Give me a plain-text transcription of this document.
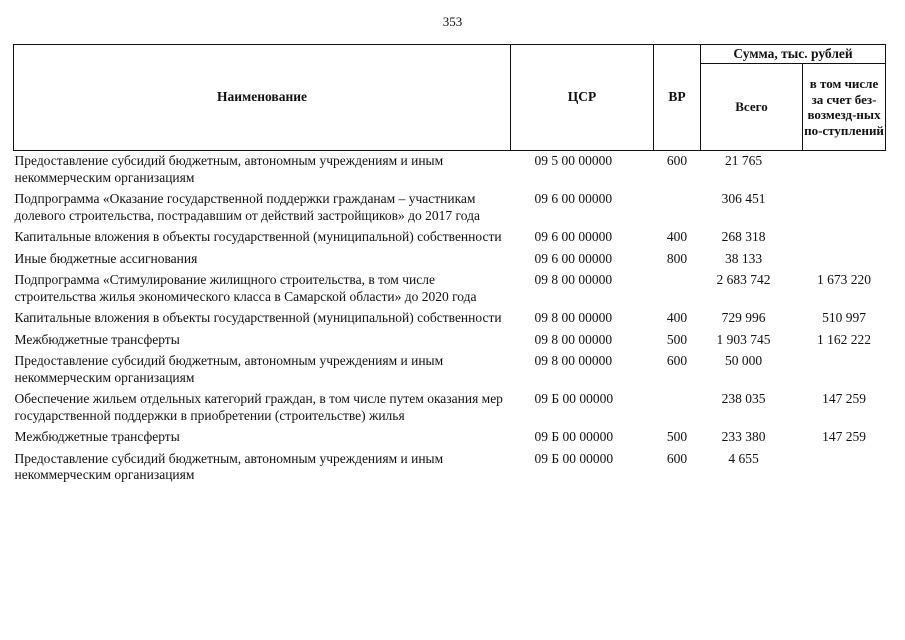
353
Наименование	ЦСР	ВР	Сумма, тыс. рублей	
			Всего	в том числе за счет без-возмезд-ных по-ступлений
Предоставление субсидий бюджетным, автономным учреждениям и иным некоммерческим организациям	09 5 00 00000	600	21 765	
Подпрограмма «Оказание государственной поддержки гражданам – участникам долевого строительства, пострадавшим от действий застройщиков» до 2017 года	09 6 00 00000		306 451	
Капитальные вложения в объекты государственной (муниципальной) собственности	09 6 00 00000	400	268 318	
Иные бюджетные ассигнования	09 6 00 00000	800	38 133	
Подпрограмма «Стимулирование жилищного строительства, в том числе строительства жилья экономического класса в Самарской области» до 2020 года	09 8 00 00000		2 683 742	1 673 220
Капитальные вложения в объекты государственной (муниципальной) собственности	09 8 00 00000	400	729 996	510 997
Межбюджетные трансферты	09 8 00 00000	500	1 903 745	1 162 222
Предоставление субсидий бюджетным, автономным учреждениям и иным некоммерческим организациям	09 8 00 00000	600	50 000	
Обеспечение жильем отдельных категорий граждан, в том числе путем оказания мер государственной поддержки в приобретении (строительстве) жилья	09 Б 00 00000		238 035	147 259
Межбюджетные трансферты	09 Б 00 00000	500	233 380	147 259
Предоставление субсидий бюджетным, автономным учреждениям и иным некоммерческим организациям	09 Б 00 00000	600	4 655	
